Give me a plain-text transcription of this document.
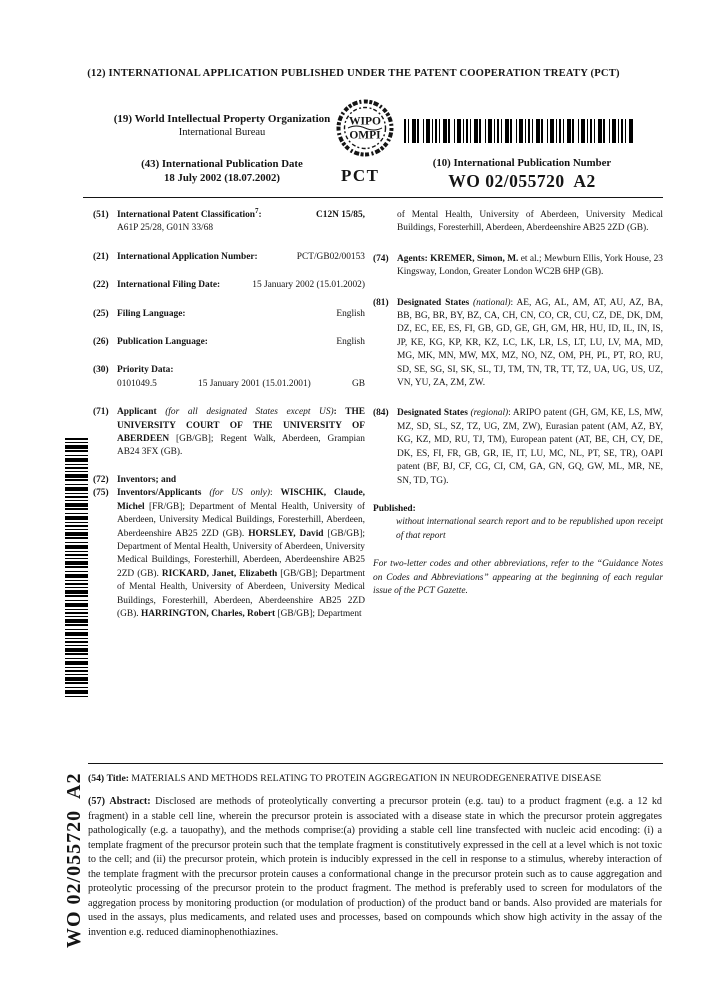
(12) INTERNATIONAL APPLICATION PUBLISHED UNDER THE PATENT COOPERATION TREATY (PCT)
(19) World Intellectual Property Organization
International Bureau
(43) International Publication Date
18 July 2002 (18.07.2002)
WIPO
OMPI
PCT
(10) International Publication Number
WO 02/055720  A2
(51) International Patent Classification$^7$:	C12N 15/85,
A61P 25/28, G01N 33/68
(21) International Application Number:	PCT/GB02/00153
(22) International Filing Date:	15 January 2002 (15.01.2002)
(25) Filing Language:	English
(26) Publication Language:	English
(30) Priority Data:
0101049.5	15 January 2001 (15.01.2001)	GB
(71) Applicant (for all designated States except US): THE UNIVERSITY COURT OF THE UNIVERSITY OF ABERDEEN [GB/GB]; Regent Walk, Aberdeen, Grampian AB24 3FX (GB).
(72) Inventors; and
(75) Inventors/Applicants (for US only): WISCHIK, Claude, Michel [FR/GB]; Department of Mental Health, University of Aberdeen, University Medical Buildings, Foresterhill, Aberdeen, Aberdeenshire AB25 2ZD (GB). HORSLEY, David [GB/GB]; Department of Mental Health, University of Aberdeen, University Medical Buildings, Foresterhill, Aberdeen, Aberdeenshire AB25 2ZD (GB). RICKARD, Janet, Elizabeth [GB/GB]; Department of Mental Health, University of Aberdeen, University Medical Buildings, Foresterhill, Aberdeen, Aberdeenshire AB25 2ZD (GB). HARRINGTON, Charles, Robert [GB/GB]; Department
of Mental Health, University of Aberdeen, University Medical Buildings, Foresterhill, Aberdeen, Aberdeenshire AB25 2ZD (GB).
(74) Agents: KREMER, Simon, M. et al.; Mewburn Ellis, York House, 23 Kingsway, London, Greater London WC2B 6HP (GB).
(81) Designated States (national): AE, AG, AL, AM, AT, AU, AZ, BA, BB, BG, BR, BY, BZ, CA, CH, CN, CO, CR, CU, CZ, DE, DK, DM, DZ, EC, EE, ES, FI, GB, GD, GE, GH, GM, HR, HU, ID, IL, IN, IS, JP, KE, KG, KP, KR, KZ, LC, LK, LR, LS, LT, LU, LV, MA, MD, MG, MK, MN, MW, MX, MZ, NO, NZ, OM, PH, PL, PT, RO, RU, SD, SE, SG, SI, SK, SL, TJ, TM, TN, TR, TT, TZ, UA, UG, US, UZ, VN, YU, ZA, ZM, ZW.
(84) Designated States (regional): ARIPO patent (GH, GM, KE, LS, MW, MZ, SD, SL, SZ, TZ, UG, ZM, ZW), Eurasian patent (AM, AZ, BY, KG, KZ, MD, RU, TJ, TM), European patent (AT, BE, CH, CY, DE, DK, ES, FI, FR, GB, GR, IE, IT, LU, MC, NL, PT, SE, TR), OAPI patent (BF, BJ, CF, CG, CI, CM, GA, GN, GQ, GW, ML, MR, NE, SN, TD, TG).
Published:
without international search report and to be republished upon receipt of that report
For two-letter codes and other abbreviations, refer to the “Guidance Notes on Codes and Abbreviations” appearing at the beginning of each regular issue of the PCT Gazette.
WO 02/055720  A2 (54) Title: MATERIALS AND METHODS RELATING TO PROTEIN AGGREGATION IN NEURODEGENERATIVE DISEASE
(57) Abstract: Disclosed are methods of proteolytically converting a precursor protein (e.g. tau) to a product fragment (e.g. a 12 kd fragment) in a stable cell line, wherein the precursor protein is associated with a disease state in which the precursor protein aggregates pathologically (e.g. a tauopathy), and the methods comprise:(a) providing a stable cell line transfected with nucleic acid encoding: (i) a template fragment of the precursor protein such that the template fragment is constitutively expressed in the cell at a level which is not toxic to the cell; and (ii) the precursor protein, which protein is inducibly expressed in the cell in response to a stimulus, whereby interaction of the template fragment with the precursor protein causes a conformational change in the precursor protein such as to cause aggregation and proteolytic processing of the precursor protein to the product fragment. The method is preferably used to screen for modulators of the aggregation process by monitoring production (or modulation of production) of the product band or bands. Also provided are materials for used in the assays, plus medicaments, and related uses and processes, based on compounds which show high activity in the assay of the invention e.g. reduced diaminophenothiazines.
